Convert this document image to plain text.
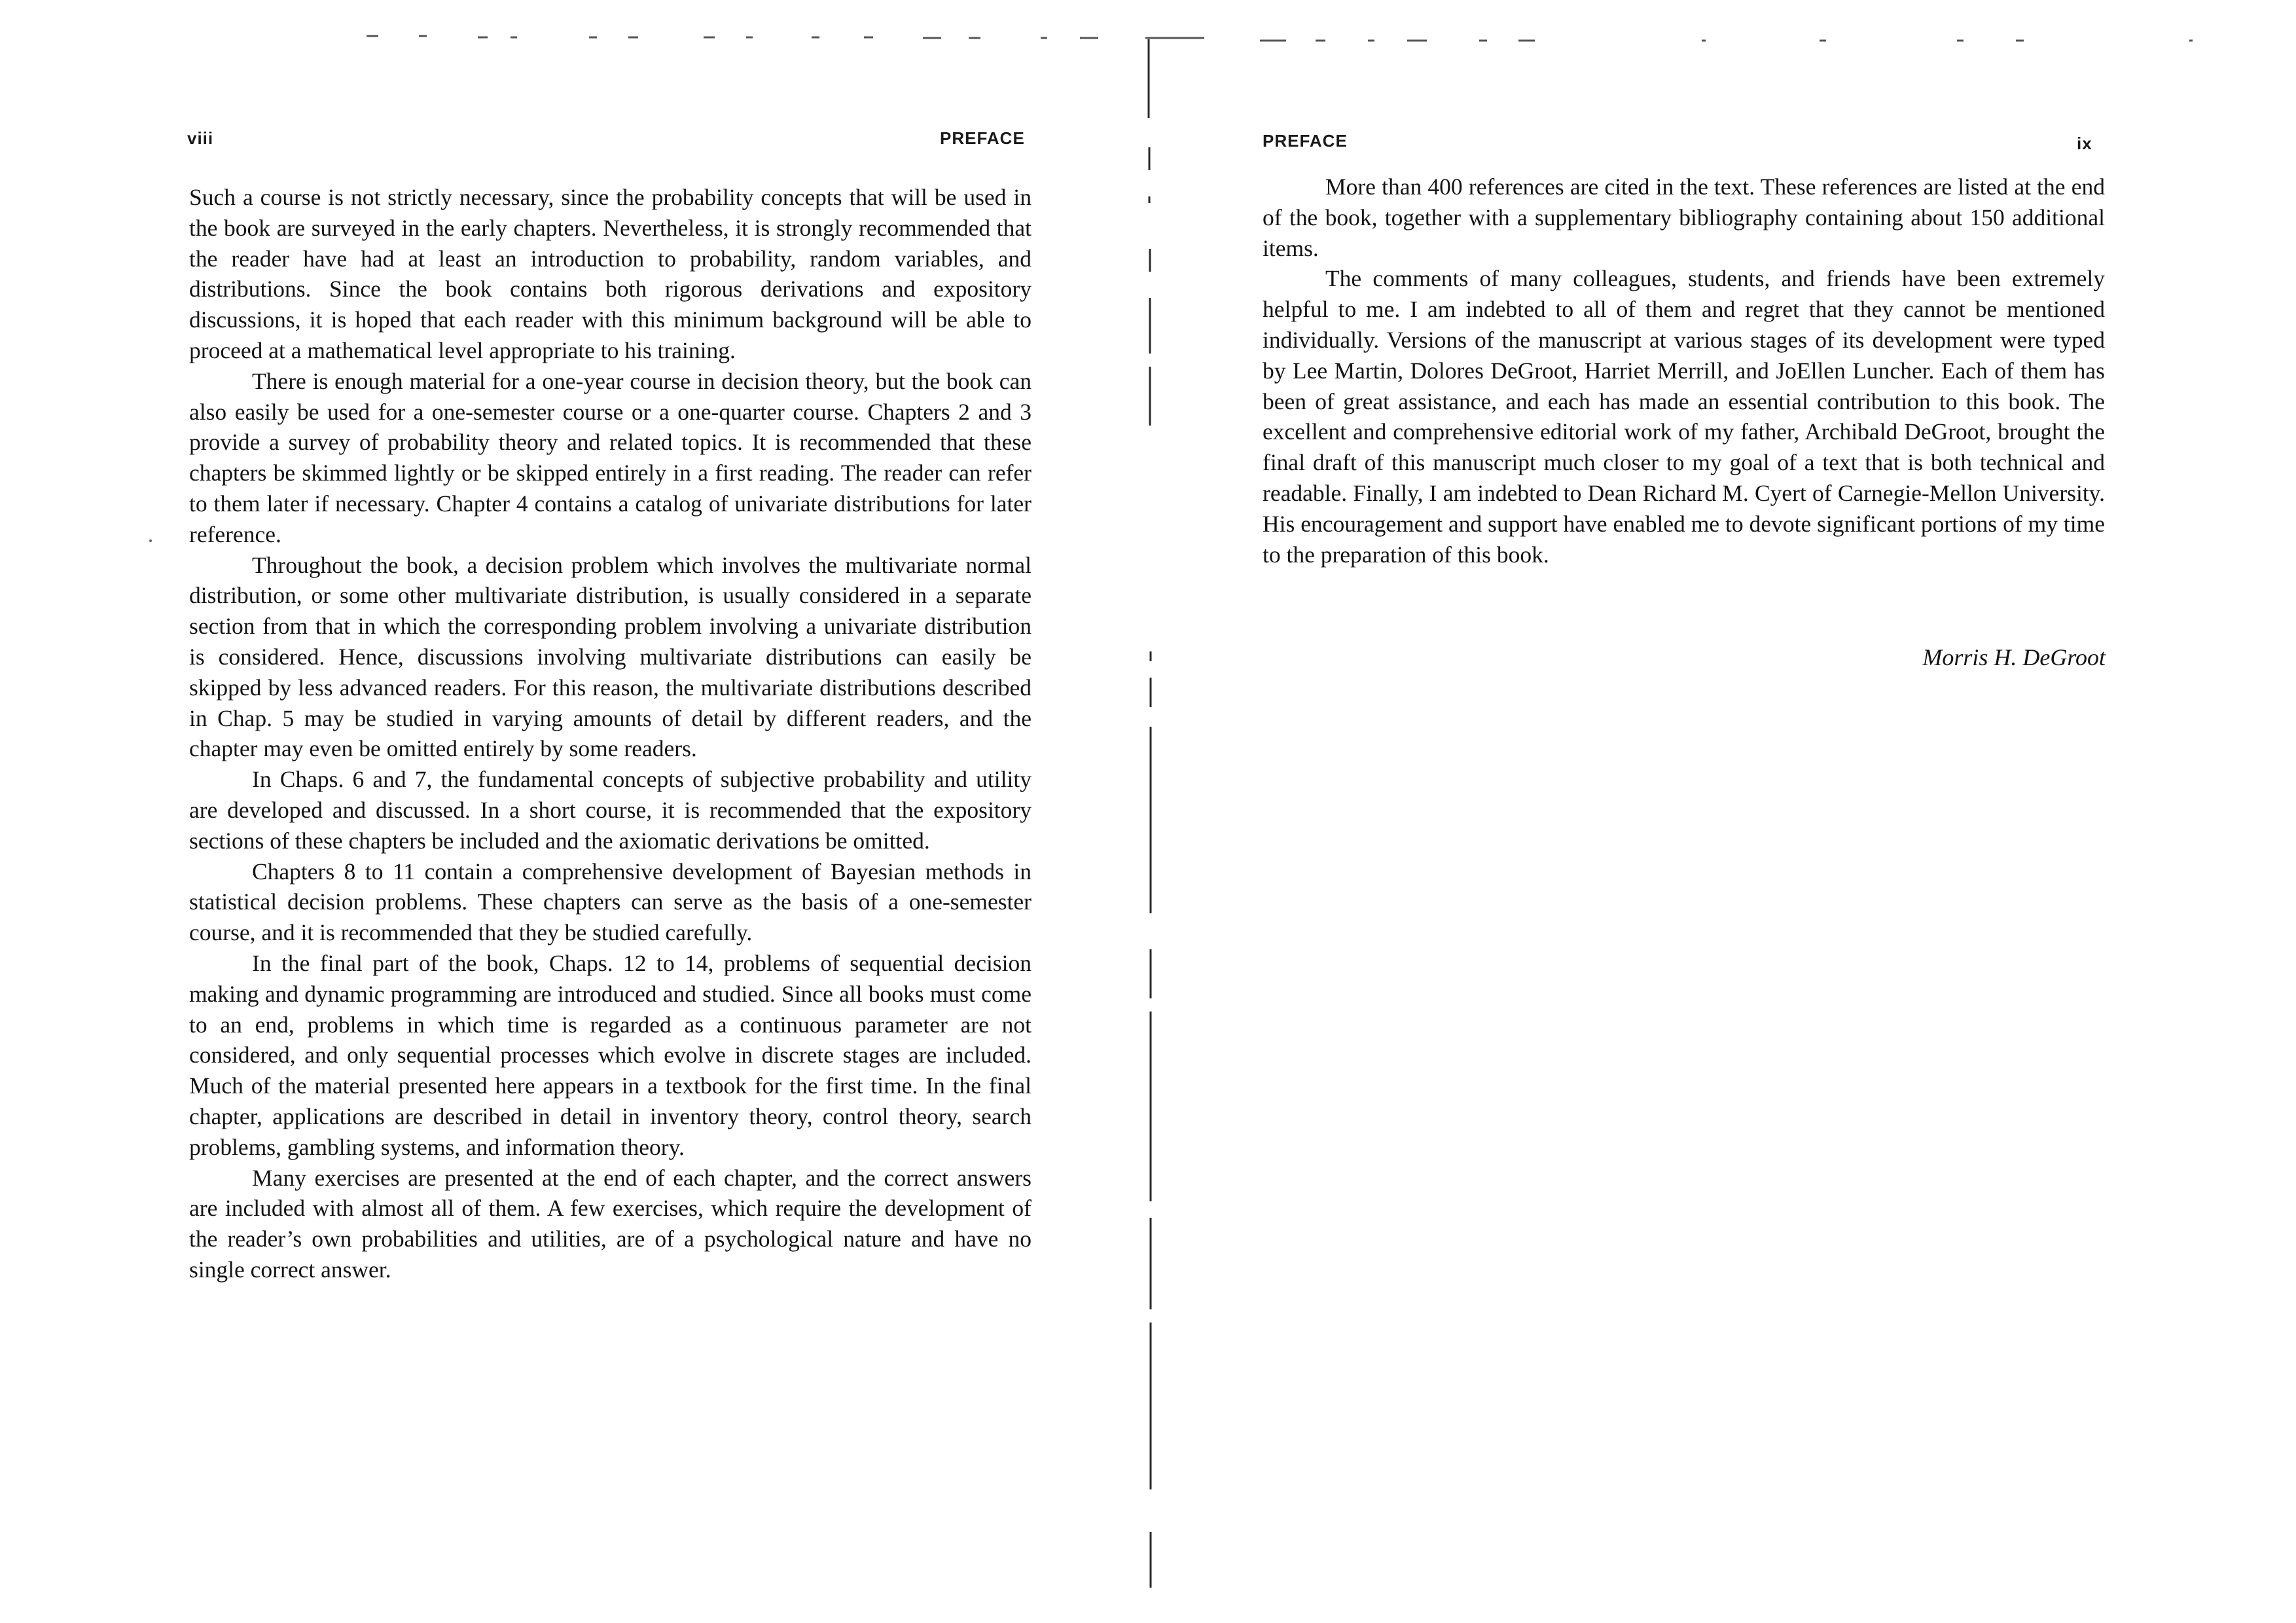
viii	PREFACE

Such a course is not strictly necessary, since the probability concepts that will be used in the book are surveyed in the early chapters. Nevertheless, it is strongly recommended that the reader have had at least an introduction to probability, random variables, and distributions. Since the book contains both rigorous derivations and expository discussions, it is hoped that each reader with this minimum background will be able to proceed at a mathematical level appropriate to his training.

There is enough material for a one-year course in decision theory, but the book can also easily be used for a one-semester course or a one-quarter course. Chapters 2 and 3 provide a survey of probability theory and related topics. It is recommended that these chapters be skimmed lightly or be skipped entirely in a first reading. The reader can refer to them later if necessary. Chapter 4 contains a catalog of univariate distributions for later reference.

Throughout the book, a decision problem which involves the multivariate normal distribution, or some other multivariate distribution, is usually considered in a separate section from that in which the corresponding problem involving a univariate distribution is considered. Hence, discussions involving multivariate distributions can easily be skipped by less advanced readers. For this reason, the multivariate distributions described in Chap. 5 may be studied in varying amounts of detail by different readers, and the chapter may even be omitted entirely by some readers.

In Chaps. 6 and 7, the fundamental concepts of subjective probability and utility are developed and discussed. In a short course, it is recommended that the expository sections of these chapters be included and the axiomatic derivations be omitted.

Chapters 8 to 11 contain a comprehensive development of Bayesian methods in statistical decision problems. These chapters can serve as the basis of a one-semester course, and it is recommended that they be studied carefully.

In the final part of the book, Chaps. 12 to 14, problems of sequential decision making and dynamic programming are introduced and studied. Since all books must come to an end, problems in which time is regarded as a continuous parameter are not considered, and only sequential processes which evolve in discrete stages are included. Much of the material presented here appears in a textbook for the first time. In the final chapter, applications are described in detail in inventory theory, control theory, search problems, gambling systems, and information theory.

Many exercises are presented at the end of each chapter, and the correct answers are included with almost all of them. A few exercises, which require the development of the reader’s own probabilities and utilities, are of a psychological nature and have no single correct answer.

PREFACE	ix

More than 400 references are cited in the text. These references are listed at the end of the book, together with a supplementary bibliography containing about 150 additional items.

The comments of many colleagues, students, and friends have been extremely helpful to me. I am indebted to all of them and regret that they cannot be mentioned individually. Versions of the manuscript at various stages of its development were typed by Lee Martin, Dolores DeGroot, Harriet Merrill, and JoEllen Luncher. Each of them has been of great assistance, and each has made an essential contribution to this book. The excellent and comprehensive editorial work of my father, Archibald DeGroot, brought the final draft of this manuscript much closer to my goal of a text that is both technical and readable. Finally, I am indebted to Dean Richard M. Cyert of Carnegie-Mellon University. His encouragement and support have enabled me to devote significant portions of my time to the preparation of this book.

Morris H. DeGroot
